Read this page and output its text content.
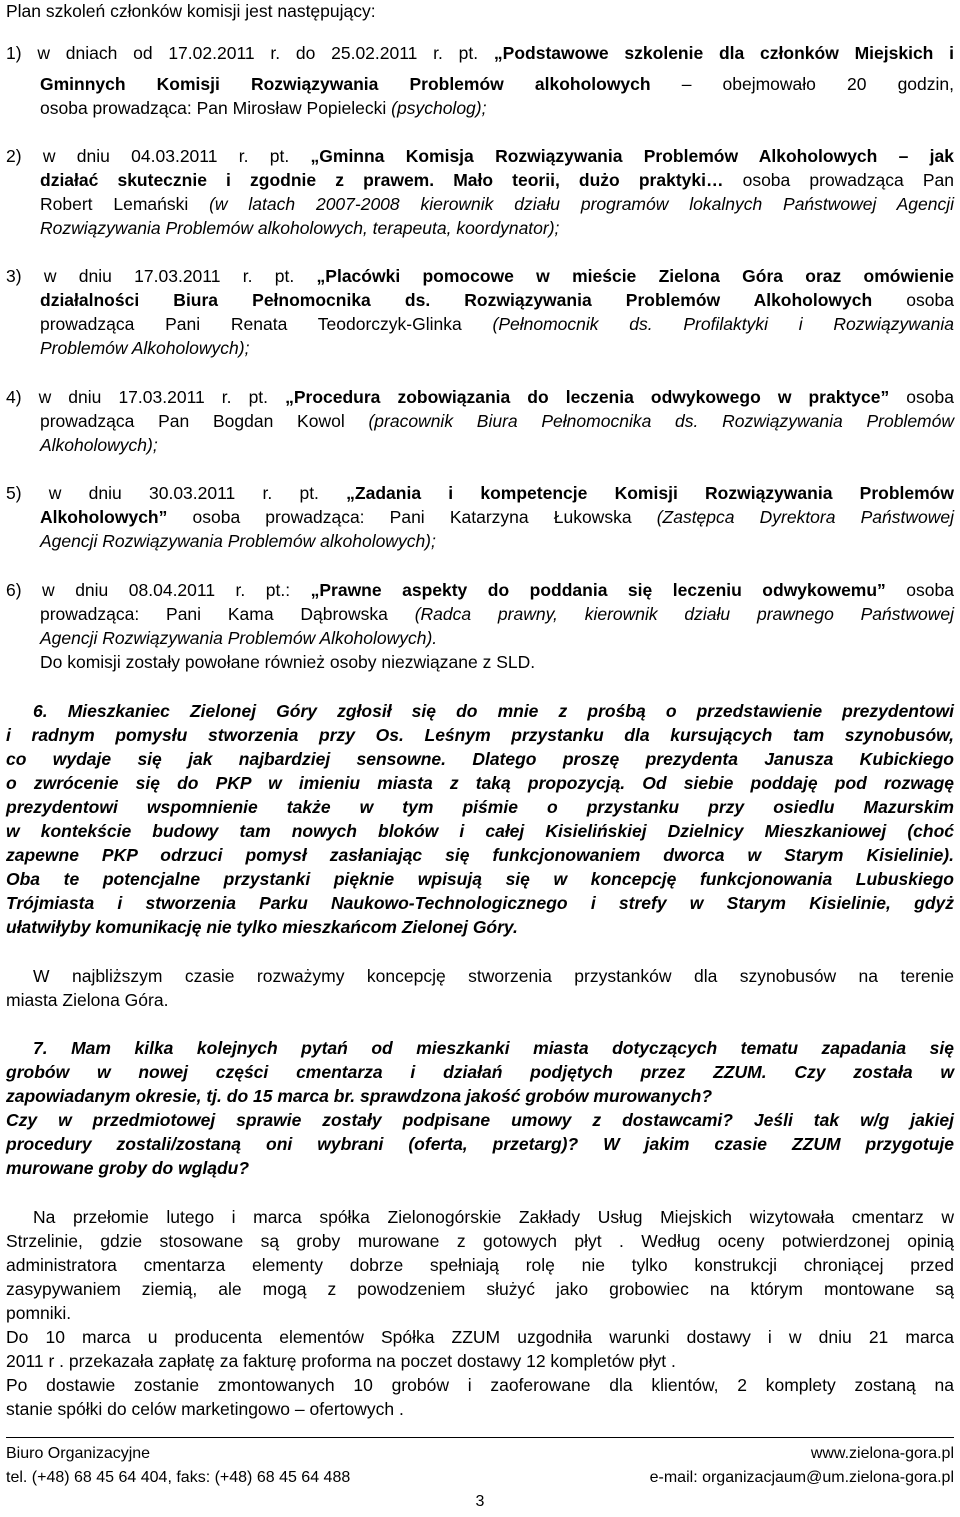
Plan szkoleń członków komisji jest następujący:
1) w dniach od 17.02.2011 r. do 25.02.2011 r. pt. „Podstawowe szkolenie dla członków Miejskich i
Gminnych Komisji Rozwiązywania Problemów alkoholowych – obejmowało 20 godzin,
osoba prowadząca: Pan Mirosław Popielecki (psycholog);
2) w dniu 04.03.2011 r. pt. „Gminna Komisja Rozwiązywania Problemów Alkoholowych – jak
działać skutecznie i zgodnie z prawem. Mało teorii, dużo praktyki… osoba prowadząca Pan
Robert Lemański (w latach 2007-2008 kierownik działu programów lokalnych Państwowej Agencji
Rozwiązywania Problemów alkoholowych, terapeuta, koordynator);
3) w dniu 17.03.2011 r. pt. „Placówki pomocowe w mieście Zielona Góra oraz omówienie
działalności Biura Pełnomocnika ds. Rozwiązywania Problemów Alkoholowych osoba
prowadząca Pani Renata Teodorczyk-Glinka (Pełnomocnik ds. Profilaktyki i Rozwiązywania
Problemów Alkoholowych);
4) w dniu 17.03.2011 r. pt. „Procedura zobowiązania do leczenia odwykowego w praktyce” osoba
prowadząca Pan Bogdan Kowol (pracownik Biura Pełnomocnika ds. Rozwiązywania Problemów
Alkoholowych);
5) w dniu 30.03.2011 r. pt. „Zadania i kompetencje Komisji Rozwiązywania Problemów
Alkoholowych” osoba prowadząca: Pani Katarzyna Łukowska (Zastępca Dyrektora Państwowej
Agencji Rozwiązywania Problemów alkoholowych);
6) w dniu 08.04.2011 r. pt.: „Prawne aspekty do poddania się leczeniu odwykowemu” osoba
prowadząca: Pani Kama Dąbrowska (Radca prawny, kierownik działu prawnego Państwowej
Agencji Rozwiązywania Problemów Alkoholowych).
Do komisji zostały powołane również osoby niezwiązane z SLD.
6. Mieszkaniec Zielonej Góry zgłosił się do mnie z prośbą o przedstawienie prezydentowi
i radnym pomysłu stworzenia przy Os. Leśnym przystanku dla kursujących tam szynobusów,
co wydaje się jak najbardziej sensowne. Dlatego proszę prezydenta Janusza Kubickiego
o zwrócenie się do PKP w imieniu miasta z taką propozycją. Od siebie poddaję pod rozwagę
prezydentowi wspomnienie także w tym piśmie o przystanku przy osiedlu Mazurskim
w kontekście budowy tam nowych bloków i całej Kisielińskiej Dzielnicy Mieszkaniowej (choć
zapewne PKP odrzuci pomysł zasłaniając się funkcjonowaniem dworca w Starym Kisielinie).
Oba te potencjalne przystanki pięknie wpisują się w koncepcję funkcjonowania Lubuskiego
Trójmiasta i stworzenia Parku Naukowo-Technologicznego i strefy w Starym Kisielinie, gdyż
ułatwiłyby komunikację nie tylko mieszkańcom Zielonej Góry.
W najbliższym czasie rozważymy koncepcję stworzenia przystanków dla szynobusów na terenie
miasta Zielona Góra.
7. Mam kilka kolejnych pytań od mieszkanki miasta dotyczących tematu zapadania się
grobów w nowej części cmentarza i działań podjętych przez ZZUM. Czy została w
zapowiadanym okresie, tj. do 15 marca br. sprawdzona jakość grobów murowanych?
Czy w przedmiotowej sprawie zostały podpisane umowy z dostawcami? Jeśli tak w/g jakiej
procedury zostali/zostaną oni wybrani (oferta, przetarg)? W jakim czasie ZZUM przygotuje
murowane groby do wglądu?
Na przełomie lutego i marca spółka Zielonogórskie Zakłady Usług Miejskich wizytowała cmentarz w
Strzelinie, gdzie stosowane są groby murowane z gotowych płyt . Według oceny potwierdzonej opinią
administratora cmentarza elementy dobrze spełniają rolę nie tylko konstrukcji chroniącej przed
zasypywaniem ziemią, ale mogą z powodzeniem służyć jako grobowiec na którym montowane są
pomniki.
Do 10 marca u producenta elementów Spółka ZZUM uzgodniła warunki dostawy i w dniu 21 marca
2011 r . przekazała zapłatę za fakturę proforma na poczet dostawy 12 kompletów płyt .
Po dostawie zostanie zmontowanych 10 grobów i zaoferowane dla klientów, 2 komplety zostaną na
stanie spółki do celów marketingowo – ofertowych .
Biuro Organizacyjne	www.zielona-gora.pl
tel. (+48) 68 45 64 404, faks: (+48) 68 45 64 488	e-mail: organizacjaum@um.zielona-gora.pl
3
